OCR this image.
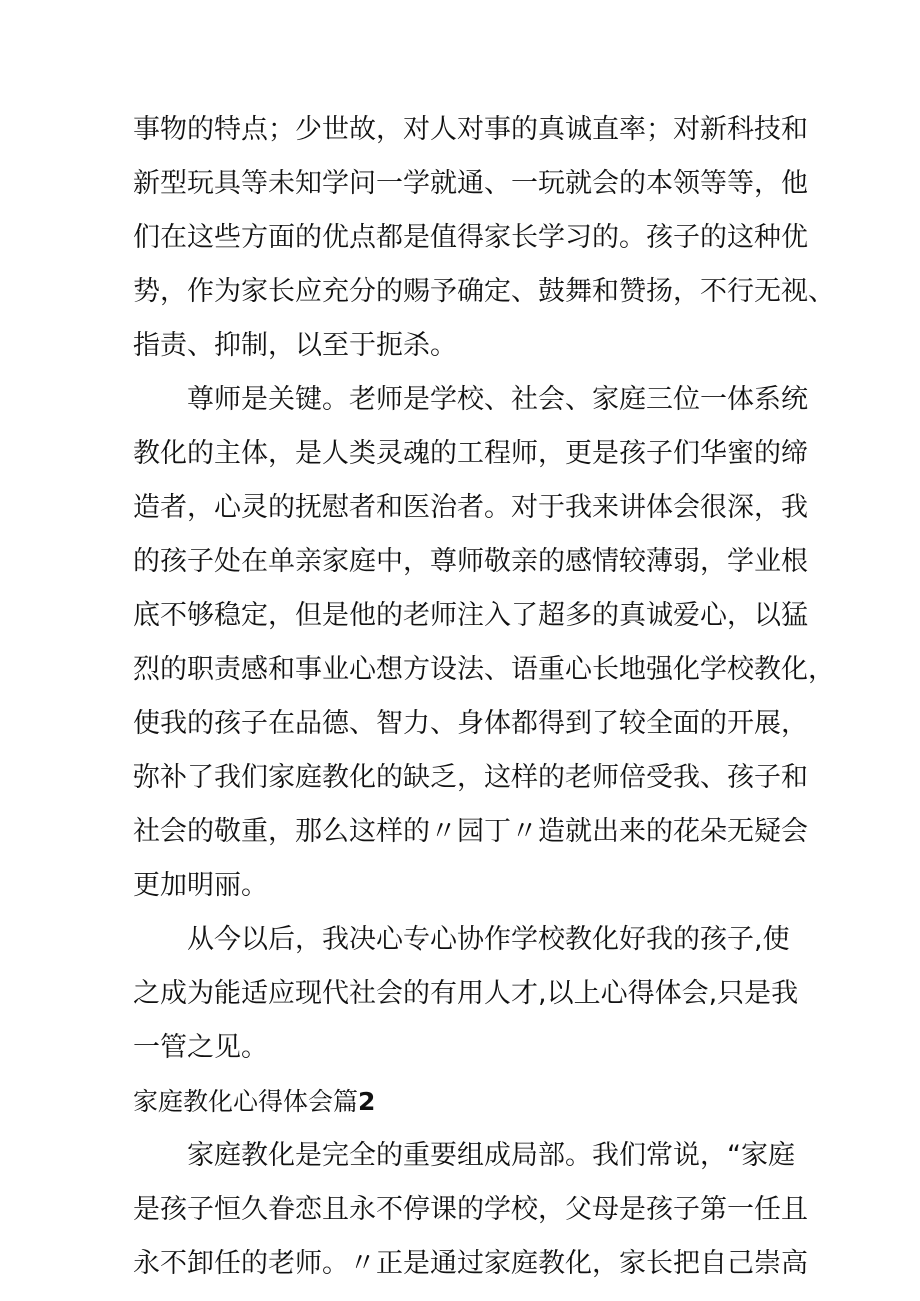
事物的特点；少世故，对人对事的真诚直率；对新科技和
新型玩具等未知学问一学就通、一玩就会的本领等等，他
们在这些方面的优点都是值得家长学习的。孩子的这种优
势，作为家长应充分的赐予确定、鼓舞和赞扬，不行无视、
指责、抑制，以至于扼杀。
尊师是关键。老师是学校、社会、家庭三位一体系统
教化的主体，是人类灵魂的工程师，更是孩子们华蜜的缔
造者，心灵的抚慰者和医治者。对于我来讲体会很深，我
的孩子处在单亲家庭中，尊师敬亲的感情较薄弱，学业根
底不够稳定，但是他的老师注入了超多的真诚爱心，以猛
烈的职责感和事业心想方设法、语重心长地强化学校教化，
使我的孩子在品德、智力、身体都得到了较全面的开展，
弥补了我们家庭教化的缺乏，这样的老师倍受我、孩子和
社会的敬重，那么这样的〃园丁〃造就出来的花朵无疑会
更加明丽。
从今以后，我决心专心协作学校教化好我的孩子,使
之成为能适应现代社会的有用人才,以上心得体会,只是我
一管之见。
家庭教化心得体会篇2
家庭教化是完全的重要组成局部。我们常说，“家庭
是孩子恒久眷恋且永不停课的学校，父母是孩子第一任且
永不卸任的老师。〃正是通过家庭教化，家长把自己崇高
